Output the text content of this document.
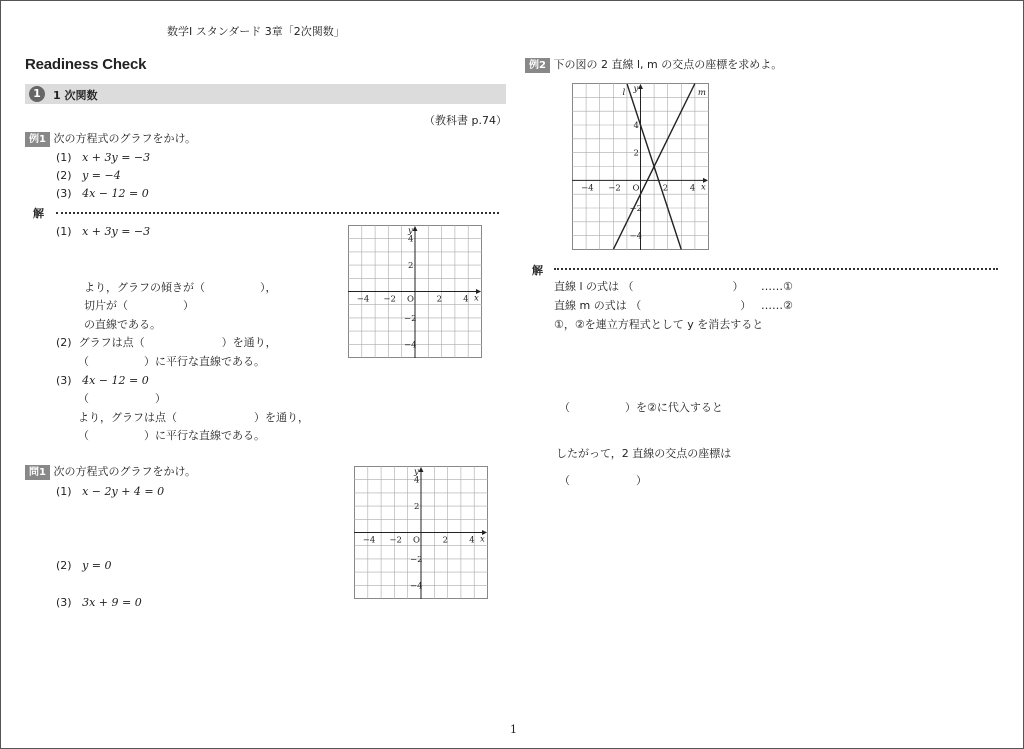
数学Ⅰ スタンダード 3章「2次関数」
Readiness Check
1	1 次関数
（教科書 p.74）
例1 次の方程式のグラフをかけ。
(1) x + 3y = −3
(2) y = −4
(3) 4x − 12 = 0
解
(1) x + 3y = −3
より，グラフの傾きが（　　　　　），
切片が（　　　　　）
の直線である。
(2) グラフは点（　　　　　　　）を通り，
（　　　　　）に平行な直線である。
(3) 4x − 12 = 0
（　　　　　　）
より，グラフは点（　　　　　　　）を通り，
（　　　　　）に平行な直線である。
−4 −2 O	2 4
4
2
−2
−4
x
y
問1 次の方程式のグラフをかけ。
(1) x − 2y + 4 = 0
(2) y = 0
(3) 3x + 9 = 0
−4 −2 O	2 4
4
2
−2
−4
x
y
例2 下の図の 2 直線 l, m の交点の座標を求めよ。
−4 −2 O	2	4
4
2
−2
−4
x
y
l	m
解
直線 l の式は （　　　　　　　　　） ……①
直線 m の式は （　　　　　　　　　） ……②
①，②を連立方程式として y を消去すると
（　　　　　）を②に代入すると
したがって，2 直線の交点の座標は
（　　　　　　）
1
